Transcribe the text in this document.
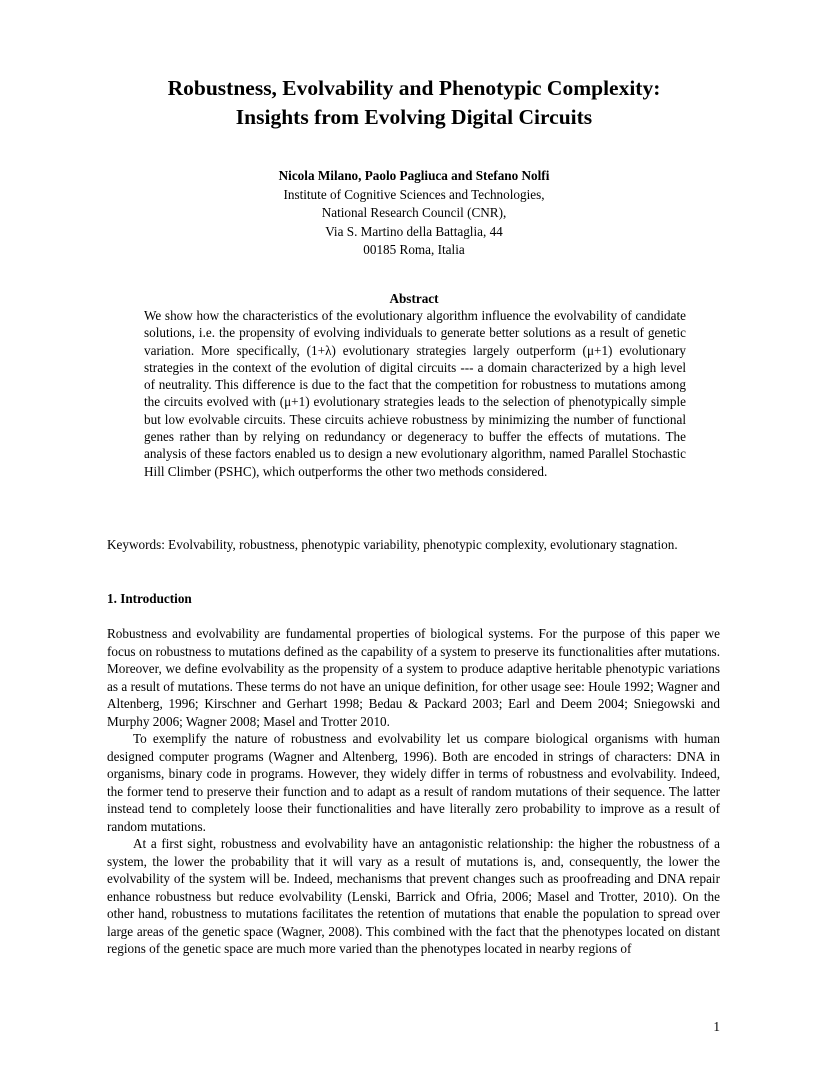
Robustness, Evolvability and Phenotypic Complexity:
Insights from Evolving Digital Circuits
Nicola Milano, Paolo Pagliuca and Stefano Nolfi
Institute of Cognitive Sciences and Technologies,
National Research Council (CNR),
Via S. Martino della Battaglia, 44
00185 Roma, Italia
Abstract
We show how the characteristics of the evolutionary algorithm influence the evolvability of candidate solutions, i.e. the propensity of evolving individuals to generate better solutions as a result of genetic variation. More specifically, (1+λ) evolutionary strategies largely outperform (μ+1) evolutionary strategies in the context of the evolution of digital circuits --- a domain characterized by a high level of neutrality. This difference is due to the fact that the competition for robustness to mutations among the circuits evolved with (μ+1) evolutionary strategies leads to the selection of phenotypically simple but low evolvable circuits. These circuits achieve robustness by minimizing the number of functional genes rather than by relying on redundancy or degeneracy to buffer the effects of mutations. The analysis of these factors enabled us to design a new evolutionary algorithm, named Parallel Stochastic Hill Climber (PSHC), which outperforms the other two methods considered.
Keywords: Evolvability, robustness, phenotypic variability, phenotypic complexity, evolutionary stagnation.
1. Introduction

Robustness and evolvability are fundamental properties of biological systems. For the purpose of this paper we focus on robustness to mutations defined as the capability of a system to preserve its functionalities after mutations. Moreover, we define evolvability as the propensity of a system to produce adaptive heritable phenotypic variations as a result of mutations. These terms do not have an unique definition, for other usage see: Houle 1992; Wagner and Altenberg, 1996; Kirschner and Gerhart 1998; Bedau & Packard 2003; Earl and Deem 2004; Sniegowski and Murphy 2006; Wagner 2008; Masel and Trotter 2010.

To exemplify the nature of robustness and evolvability let us compare biological organisms with human designed computer programs (Wagner and Altenberg, 1996). Both are encoded in strings of characters: DNA in organisms, binary code in programs. However, they widely differ in terms of robustness and evolvability. Indeed, the former tend to preserve their function and to adapt as a result of random mutations of their sequence. The latter instead tend to completely loose their functionalities and have literally zero probability to improve as a result of random mutations.

At a first sight, robustness and evolvability have an antagonistic relationship: the higher the robustness of a system, the lower the probability that it will vary as a result of mutations is, and, consequently, the lower the evolvability of the system will be. Indeed, mechanisms that prevent changes such as proofreading and DNA repair enhance robustness but reduce evolvability (Lenski, Barrick and Ofria, 2006; Masel and Trotter, 2010). On the other hand, robustness to mutations facilitates the retention of mutations that enable the population to spread over large areas of the genetic space (Wagner, 2008). This combined with the fact that the phenotypes located on distant regions of the genetic space are much more varied than the phenotypes located in nearby regions of

1
